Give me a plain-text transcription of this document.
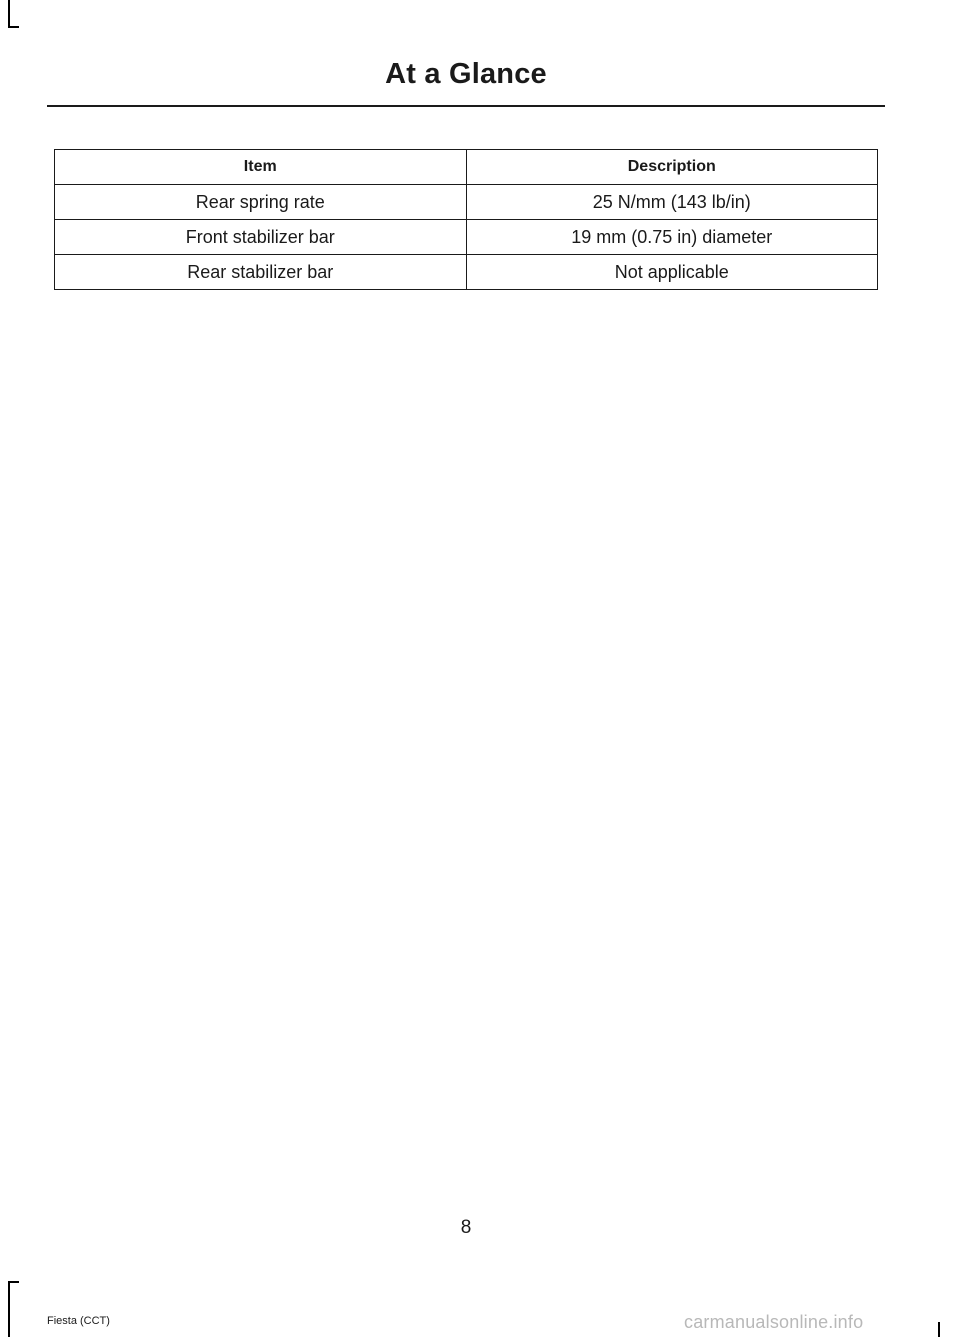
At a Glance
Item	Description
Rear spring rate	25 N/mm (143 lb/in)
Front stabilizer bar	19 mm (0.75 in) diameter
Rear stabilizer bar	Not applicable
8
Fiesta (CCT)	carmanualsonline.info
